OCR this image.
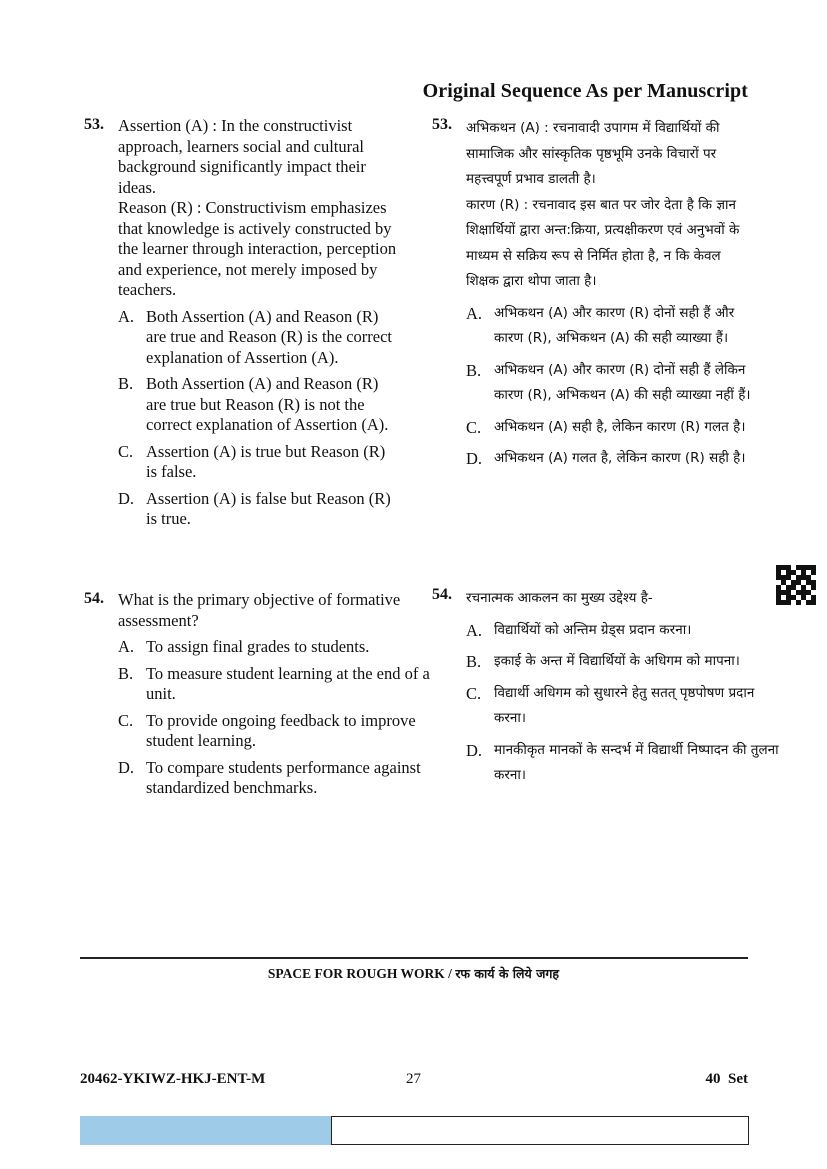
Original Sequence As per Manuscript
53. Assertion (A) : In the constructivist approach, learners social and cultural background significantly impact their ideas.
Reason (R) : Constructivism emphasizes that knowledge is actively constructed by the learner through interaction, perception and experience, not merely imposed by teachers.
A. Both Assertion (A) and Reason (R) are true and Reason (R) is the correct explanation of Assertion (A).
B. Both Assertion (A) and Reason (R) are true but Reason (R) is not the correct explanation of Assertion (A).
C. Assertion (A) is true but Reason (R) is false.
D. Assertion (A) is false but Reason (R) is true.
54. What is the primary objective of formative assessment?
A. To assign final grades to students.
B. To measure student learning at the end of a unit.
C. To provide ongoing feedback to improve student learning.
D. To compare students performance against standardized benchmarks.
53. अभिकथन (A) : रचनावादी उपागम में विद्यार्थियों की सामाजिक और सांस्कृतिक पृष्ठभूमि उनके विचारों पर महत्त्वपूर्ण प्रभाव डालती है।
कारण (R) : रचनावाद इस बात पर जोर देता है कि ज्ञान शिक्षार्थियों द्वारा अन्त:क्रिया, प्रत्यक्षीकरण एवं अनुभवों के माध्यम से सक्रिय रूप से निर्मित होता है, न कि केवल शिक्षक द्वारा थोपा जाता है।
A. अभिकथन (A) और कारण (R) दोनों सही हैं और कारण (R), अभिकथन (A) की सही व्याख्या हैं।
B. अभिकथन (A) और कारण (R) दोनों सही हैं लेकिन कारण (R), अभिकथन (A) की सही व्याख्या नहीं हैं।
C. अभिकथन (A) सही है, लेकिन कारण (R) गलत है।
D. अभिकथन (A) गलत है, लेकिन कारण (R) सही है।
54. रचनात्मक आकलन का मुख्य उद्देश्य है-
A. विद्यार्थियों को अन्तिम ग्रेड्स प्रदान करना।
B. इकाई के अन्त में विद्यार्थियों के अधिगम को मापना।
C. विद्यार्थी अधिगम को सुधारने हेतु सतत् पृष्ठपोषण प्रदान करना।
D. मानकीकृत मानकों के सन्दर्भ में विद्यार्थी निष्पादन की तुलना करना।
SPACE FOR ROUGH WORK / रफ कार्य के लिये जगह
20462-YKIWZ-HKJ-ENT-M	27	40  Set
